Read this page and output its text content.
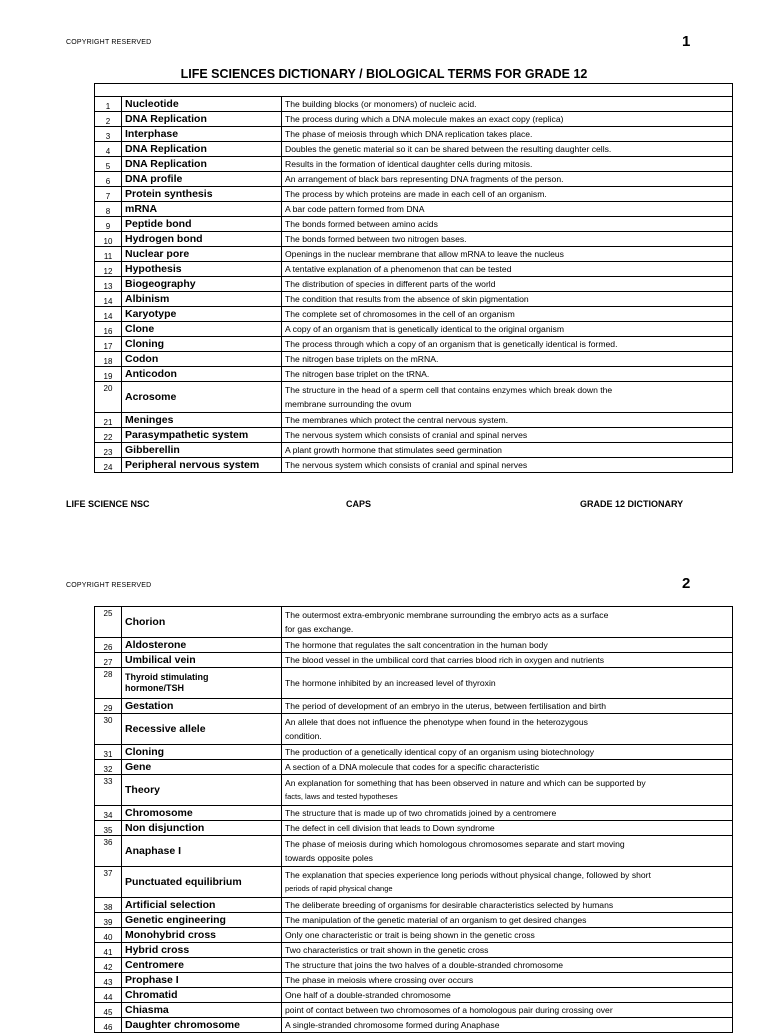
COPYRIGHT RESERVED	1
LIFE SCIENCES DICTIONARY / BIOLOGICAL TERMS FOR GRADE 12

1	Nucleotide	The building blocks (or monomers) of nucleic acid.
2	DNA Replication	The process during which a DNA molecule makes an exact copy (replica)
3	Interphase	The phase of meiosis through which DNA replication takes place.
4	DNA Replication	Doubles the genetic material so it can be shared between the resulting daughter cells.
5	DNA Replication	Results in the formation of identical daughter cells during mitosis.
6	DNA profile	An arrangement of black bars representing DNA fragments of the person.
7	Protein synthesis	The process by which proteins are made in each cell of an organism.
8	mRNA	A bar code pattern formed from DNA
9	Peptide bond	The bonds formed between amino acids
10	Hydrogen bond	The bonds formed between two nitrogen bases.
11	Nuclear pore	Openings in the nuclear membrane that allow mRNA to leave the nucleus
12	Hypothesis	A tentative explanation of a phenomenon that can be tested
13	Biogeography	The distribution of species in different parts of the world
14	Albinism	The condition that results from the absence of skin pigmentation
14	Karyotype	The complete set of chromosomes in the cell of an organism
16	Clone	A copy of an organism that is genetically identical to the original organism
17	Cloning	The process through which a copy of an organism that is genetically identical is formed.
18	Codon	The nitrogen base triplets on the mRNA.
19	Anticodon	The nitrogen base triplet on the tRNA.
20	Acrosome	The structure in the head of a sperm cell that contains enzymes which break down the
membrane surrounding the ovum

21	Meninges	The membranes which protect the central nervous system.
22	Parasympathetic system	The nervous system which consists of cranial and spinal nerves
23	Gibberellin	A plant growth hormone that stimulates seed germination
24	Peripheral nervous system	The nervous system which consists of cranial and spinal nerves
LIFE SCIENCE NSC	CAPS	GRADE 12 DICTIONARY
COPYRIGHT RESERVED	2
25	Chorion	The outermost extra-embryonic membrane surrounding the embryo acts as a surface
for gas exchange.

26	Aldosterone	The hormone that regulates the salt concentration in the human body
27	Umbilical vein	The blood vessel in the umbilical cord that carries blood rich in oxygen and nutrients
28	Thyroid stimulating
hormone/TSH	The hormone inhibited by an increased level of thyroxin
29	Gestation	The period of development of an embryo in the uterus, between fertilisation and birth
30	Recessive allele	An allele that does not influence the phenotype when found in the heterozygous
condition.

31	Cloning	The production of a genetically identical copy of an organism using biotechnology
32	Gene	A section of a DNA molecule that codes for a specific characteristic
33	Theory	An explanation for something that has been observed in nature and which can be supported by
facts, laws and tested hypotheses

34	Chromosome	The structure that is made up of two chromatids joined by a centromere
35	Non disjunction	The defect in cell division that leads to Down syndrome
36	Anaphase I	The phase of meiosis during which homologous chromosomes separate and start moving
towards opposite poles

37	Punctuated equilibrium	The explanation that species experience long periods without physical change, followed by short
periods of rapid physical change

38	Artificial selection	The deliberate breeding of organisms for desirable characteristics selected by humans
39	Genetic engineering	The manipulation of the genetic material of an organism to get desired changes
40	Monohybrid cross	Only one characteristic or trait is being shown in the genetic cross
41	Hybrid cross	Two characteristics or trait shown in the genetic cross
42	Centromere	The structure that joins the two halves of a double-stranded chromosome
43	Prophase I	The phase in meiosis where crossing over occurs
44	Chromatid	One half of a double-stranded chromosome
45	Chiasma	point of contact between two chromosomes of a homologous pair during crossing over
46	Daughter chromosome	A single-stranded chromosome formed during Anaphase
